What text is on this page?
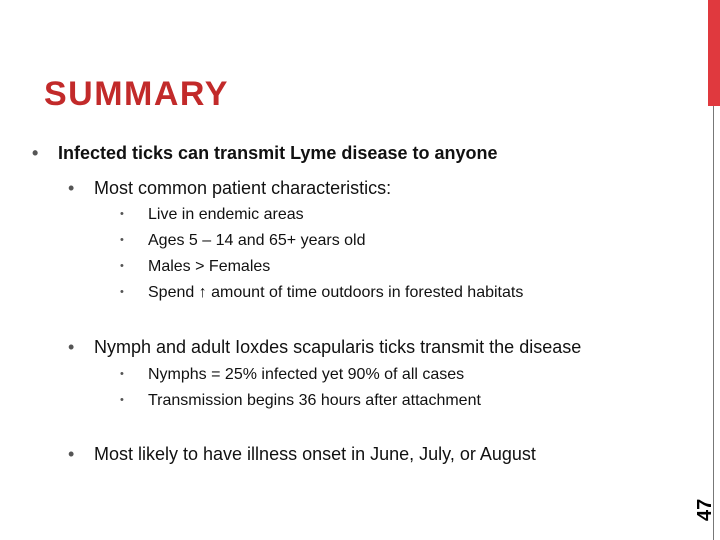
SUMMARY
• Infected ticks can transmit Lyme disease to anyone
• Most common patient characteristics:
• Live in endemic areas
• Ages 5 – 14 and 65+ years old
• Males > Females
• Spend ↑ amount of time outdoors in forested habitats
• Nymph and adult Ioxdes scapularis ticks transmit the disease
• Nymphs = 25% infected yet 90% of all cases
• Transmission begins 36 hours after attachment
• Most likely to have illness onset in June, July, or August
47
